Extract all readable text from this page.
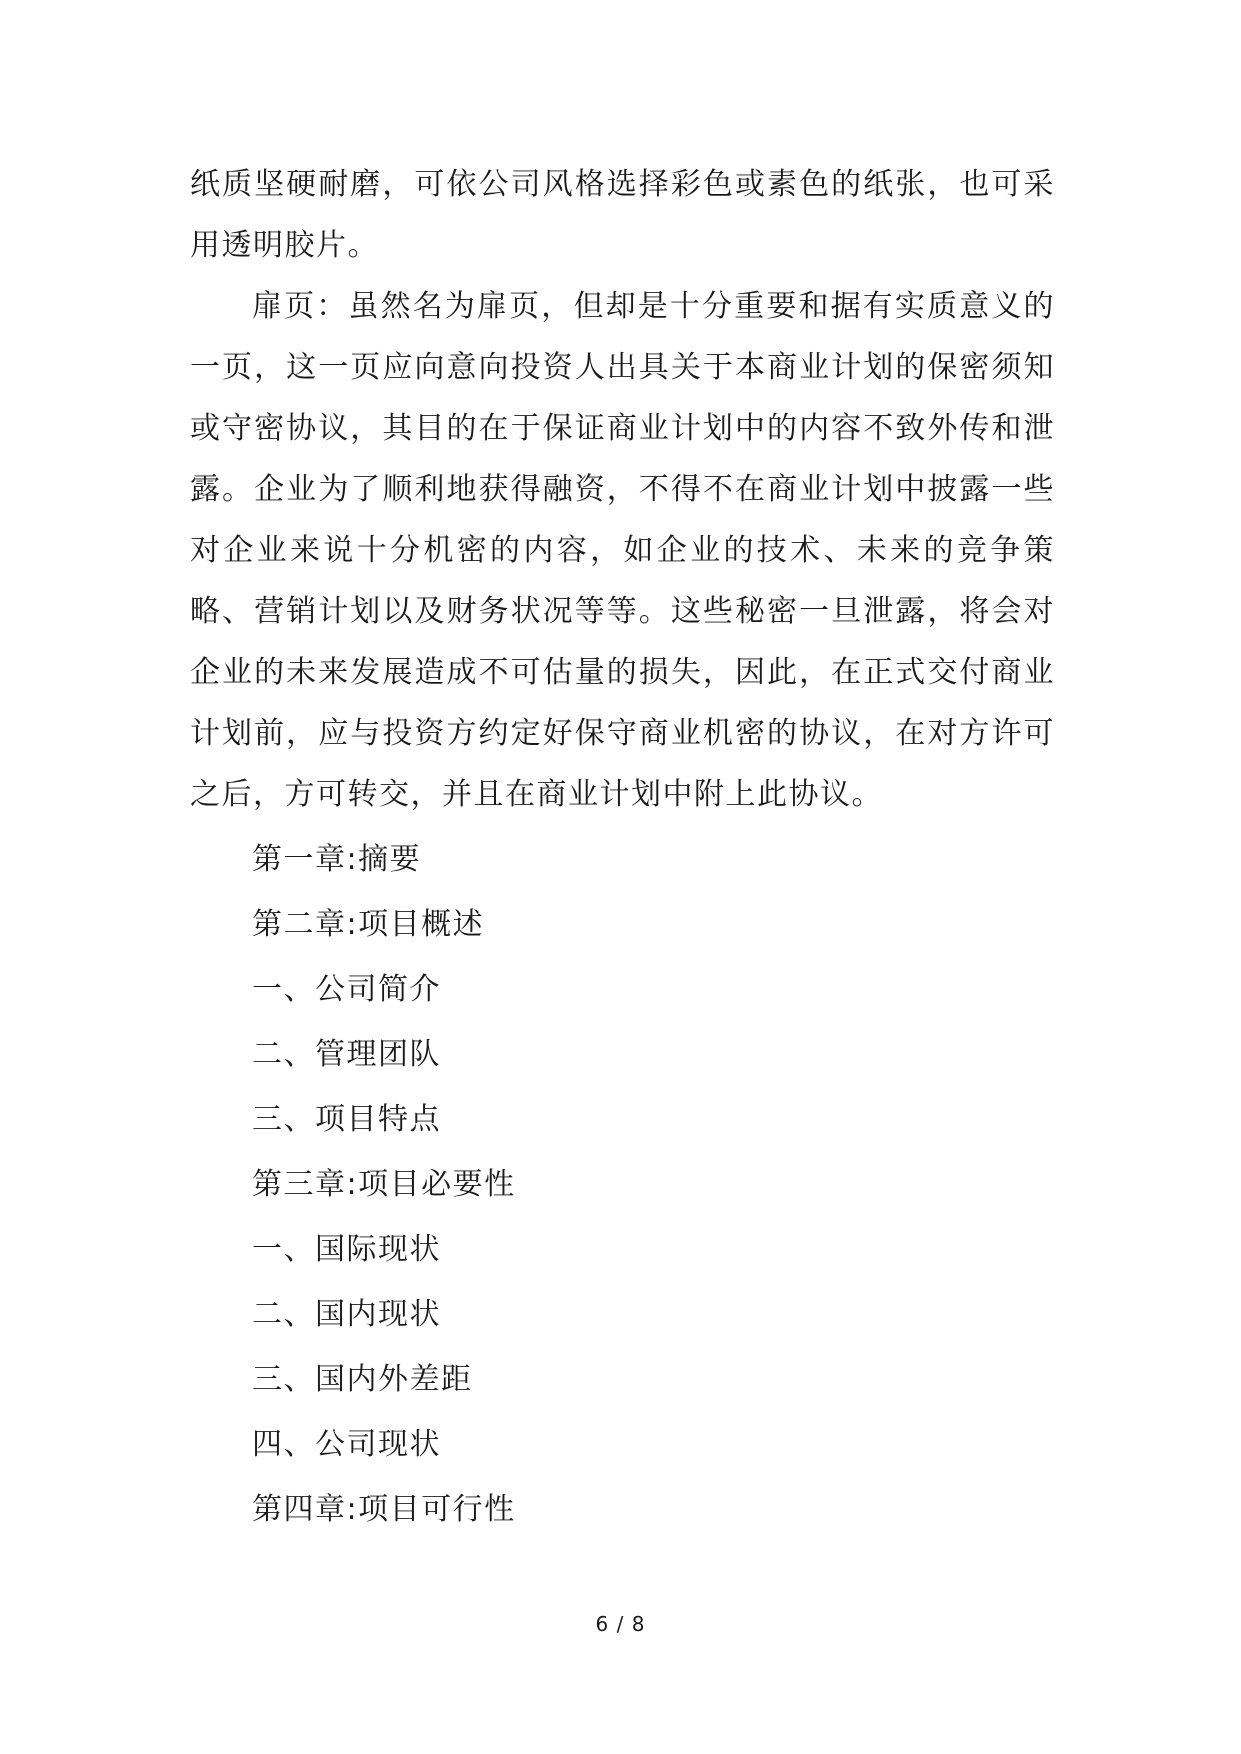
纸质坚硬耐磨，可依公司风格选择彩色或素色的纸张，也可采用透明胶片。

扉页：虽然名为扉页，但却是十分重要和据有实质意义的一页，这一页应向意向投资人出具关于本商业计划的保密须知或守密协议，其目的在于保证商业计划中的内容不致外传和泄露。企业为了顺利地获得融资，不得不在商业计划中披露一些对企业来说十分机密的内容，如企业的技术、未来的竞争策略、营销计划以及财务状况等等。这些秘密一旦泄露，将会对企业的未来发展造成不可估量的损失，因此，在正式交付商业计划前，应与投资方约定好保守商业机密的协议，在对方许可之后，方可转交，并且在商业计划中附上此协议。

第一章:摘要

第二章:项目概述

一、公司简介

二、管理团队

三、项目特点

第三章:项目必要性

一、国际现状

二、国内现状

三、国内外差距

四、公司现状

第四章:项目可行性

6 / 8
